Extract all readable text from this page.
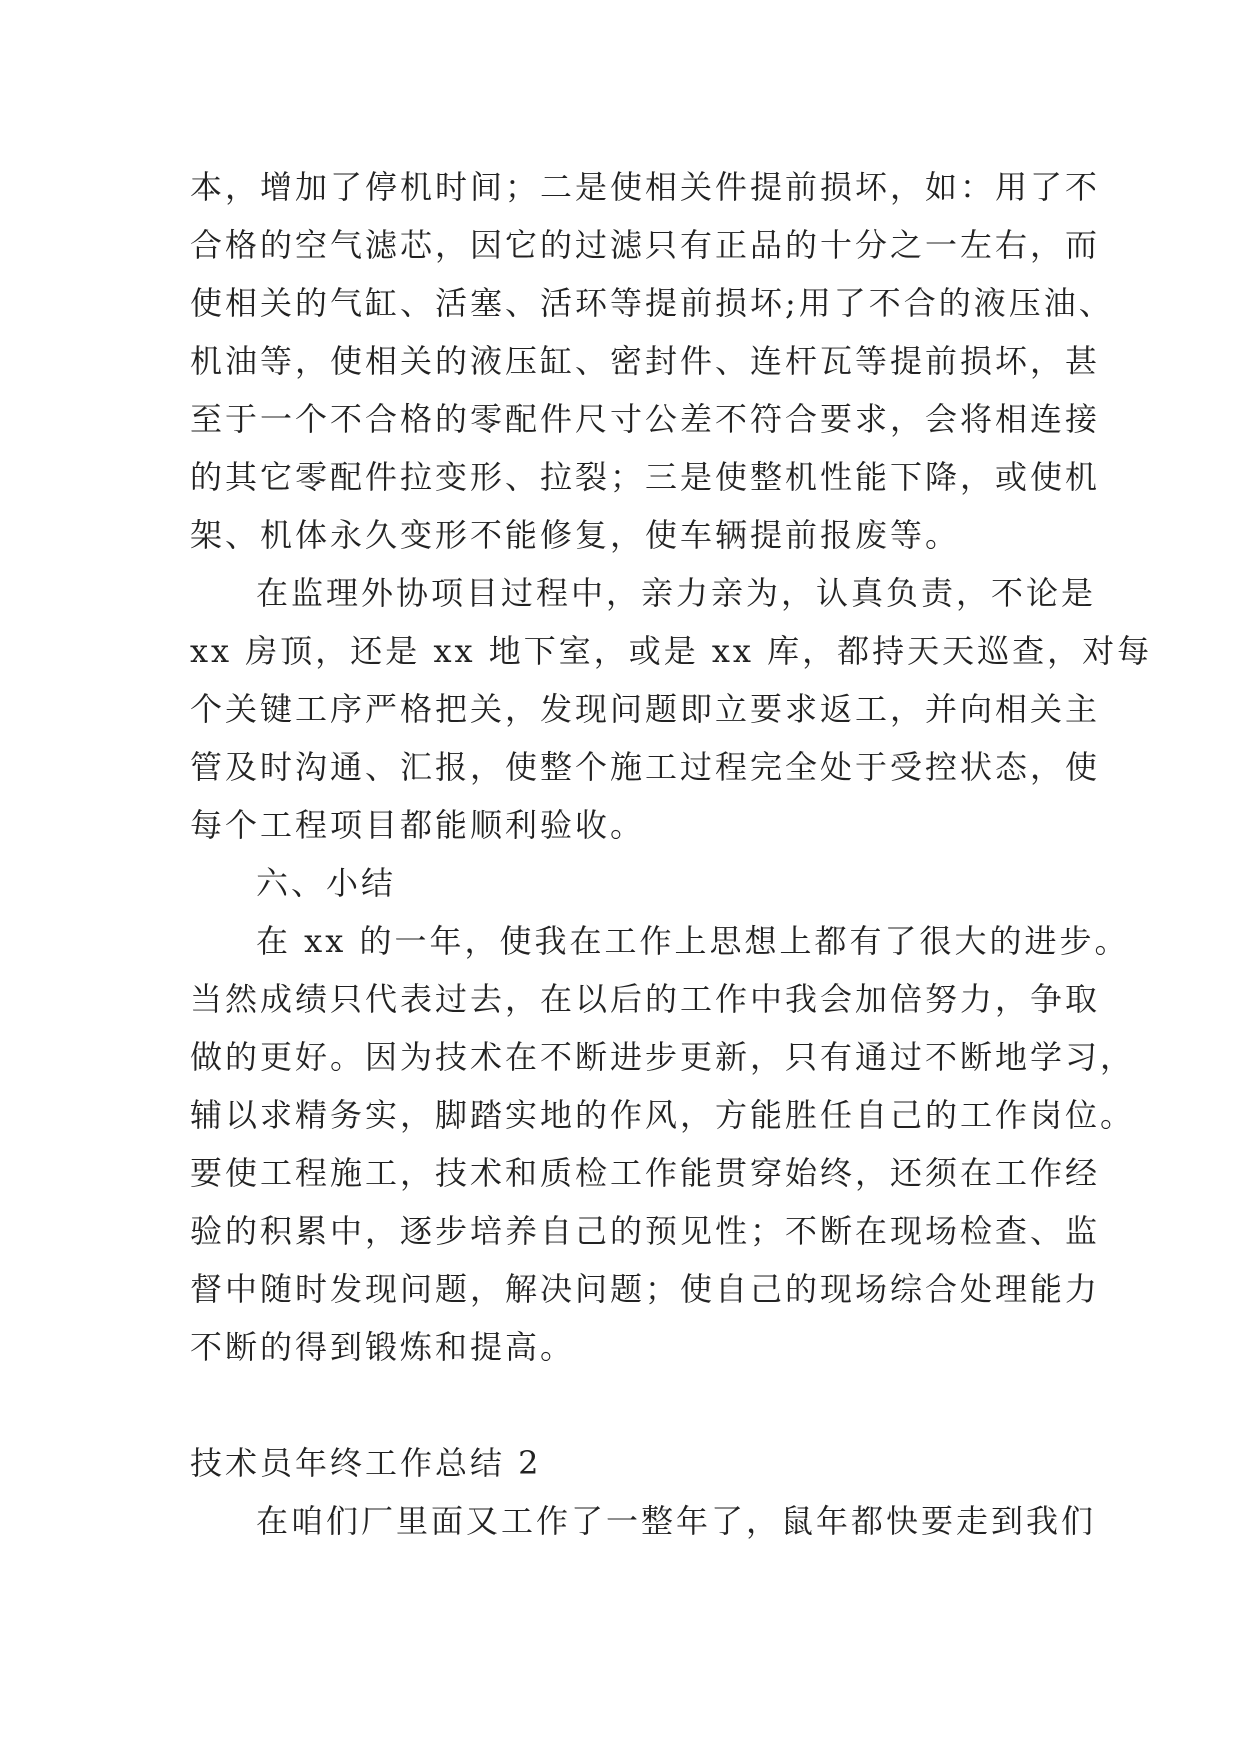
本，增加了停机时间；二是使相关件提前损坏，如：用了不
合格的空气滤芯，因它的过滤只有正品的十分之一左右，而
使相关的气缸、活塞、活环等提前损坏;用了不合的液压油、
机油等，使相关的液压缸、密封件、连杆瓦等提前损坏，甚
至于一个不合格的零配件尺寸公差不符合要求，会将相连接
的其它零配件拉变形、拉裂；三是使整机性能下降，或使机
架、机体永久变形不能修复，使车辆提前报废等。
在监理外协项目过程中，亲力亲为，认真负责，不论是
xx 房顶，还是 xx 地下室，或是 xx 库，都持天天巡查，对每
个关键工序严格把关，发现问题即立要求返工，并向相关主
管及时沟通、汇报，使整个施工过程完全处于受控状态，使
每个工程项目都能顺利验收。
六、小结
在 xx 的一年，使我在工作上思想上都有了很大的进步。
当然成绩只代表过去，在以后的工作中我会加倍努力，争取
做的更好。因为技术在不断进步更新，只有通过不断地学习，
辅以求精务实，脚踏实地的作风，方能胜任自己的工作岗位。
要使工程施工，技术和质检工作能贯穿始终，还须在工作经
验的积累中，逐步培养自己的预见性；不断在现场检查、监
督中随时发现问题，解决问题；使自己的现场综合处理能力
不断的得到锻炼和提高。
技术员年终工作总结 2
在咱们厂里面又工作了一整年了，鼠年都快要走到我们
